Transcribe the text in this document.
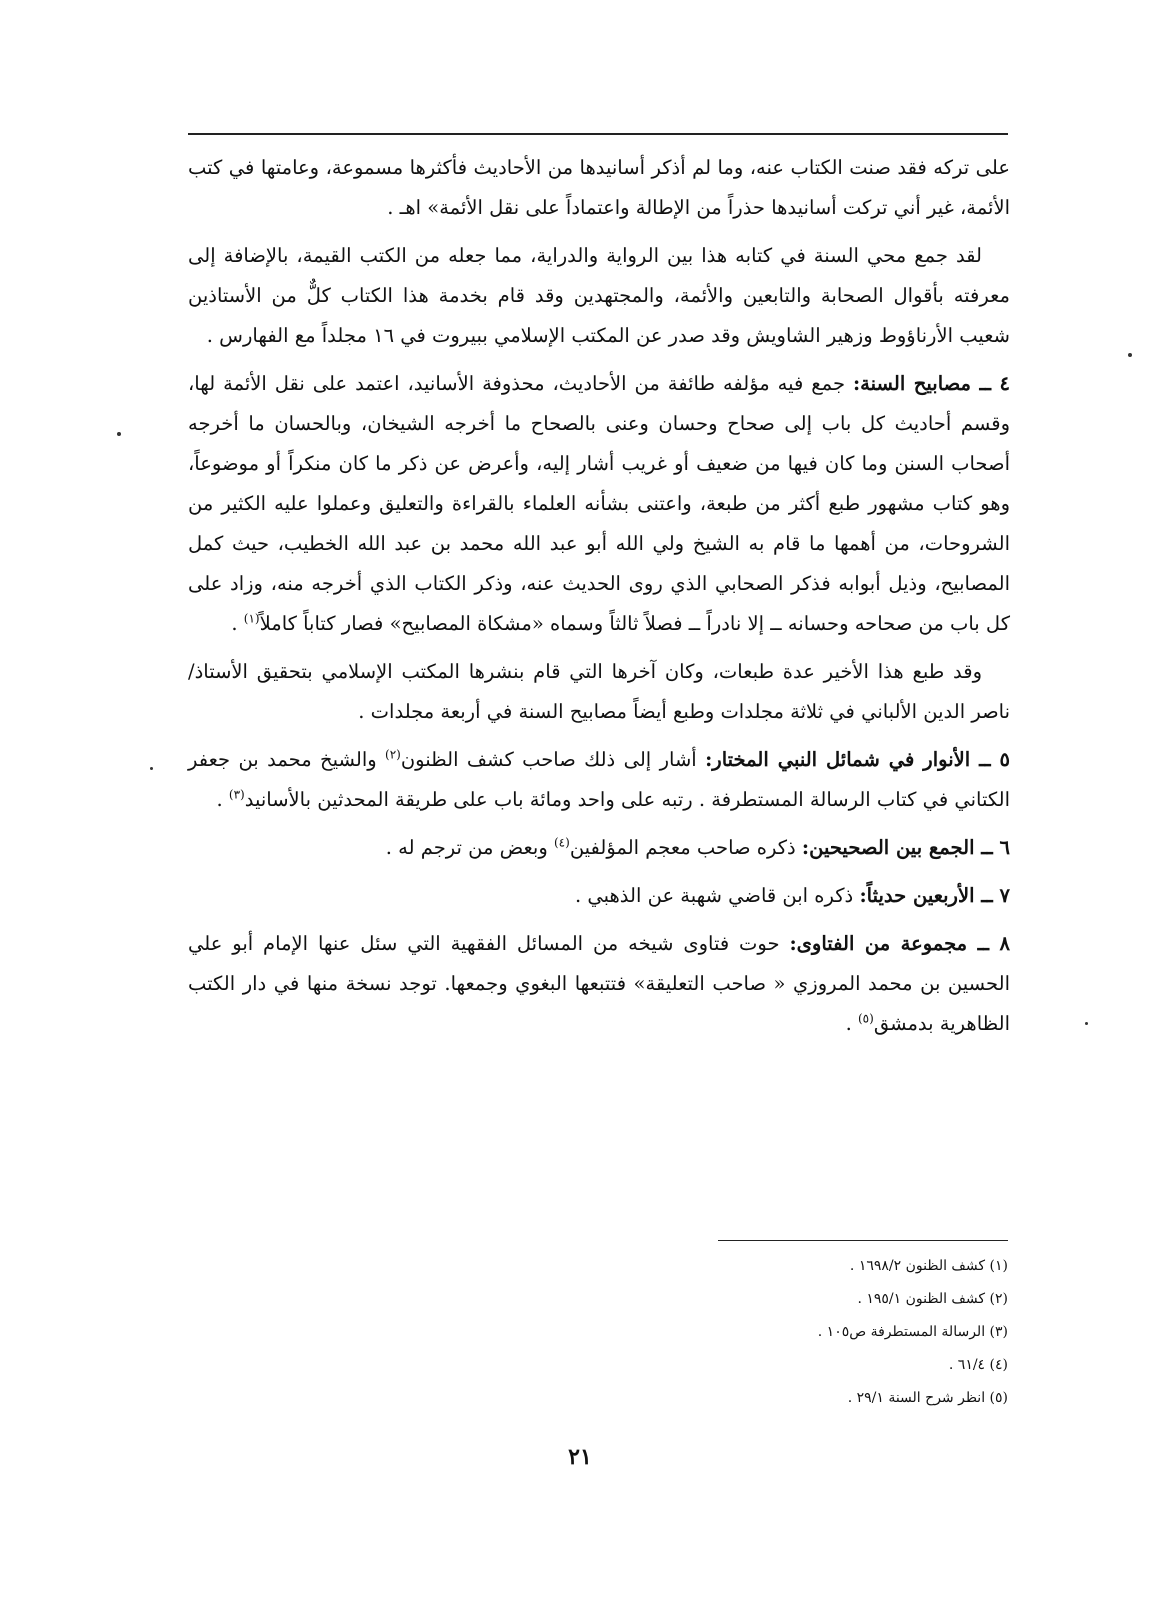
على تركه فقد صنت الكتاب عنه، وما لم أذكر أسانيدها من الأحاديث فأكثرها مسموعة، وعامتها في كتب الأئمة، غير أني تركت أسانيدها حذراً من الإطالة واعتماداً على نقل الأئمة» اهـ .

لقد جمع محي السنة في كتابه هذا بين الرواية والدراية، مما جعله من الكتب القيمة، بالإضافة إلى معرفته بأقوال الصحابة والتابعين والأئمة، والمجتهدين وقد قام بخدمة هذا الكتاب كلٌّ من الأستاذين شعيب الأرناؤوط وزهير الشاويش وقد صدر عن المكتب الإسلامي ببيروت في ١٦ مجلداً مع الفهارس .

٤ ــ مصابيح السنة: جمع فيه مؤلفه طائفة من الأحاديث، محذوفة الأسانيد، اعتمد على نقل الأئمة لها، وقسم أحاديث كل باب إلى صحاح وحسان وعنى بالصحاح ما أخرجه الشيخان، وبالحسان ما أخرجه أصحاب السنن وما كان فيها من ضعيف أو غريب أشار إليه، وأعرض عن ذكر ما كان منكراً أو موضوعاً، وهو كتاب مشهور طبع أكثر من طبعة، واعتنى بشأنه العلماء بالقراءة والتعليق وعملوا عليه الكثير من الشروحات، من أهمها ما قام به الشيخ ولي الله أبو عبد الله محمد بن عبد الله الخطيب، حيث كمل المصابيح، وذيل أبوابه فذكر الصحابي الذي روى الحديث عنه، وذكر الكتاب الذي أخرجه منه، وزاد على كل باب من صحاحه وحسانه ــ إلا نادراً ــ فصلاً ثالثاً وسماه «مشكاة المصابيح» فصار كتاباً كاملاً$^{(١)}$ .

وقد طبع هذا الأخير عدة طبعات، وكان آخرها التي قام بنشرها المكتب الإسلامي بتحقيق الأستاذ/ ناصر الدين الألباني في ثلاثة مجلدات وطبع أيضاً مصابيح السنة في أربعة مجلدات .

٥ ــ الأنوار في شمائل النبي المختار: أشار إلى ذلك صاحب كشف الظنون$^{(٢)}$ والشيخ محمد بن جعفر الكتاني في كتاب الرسالة المستطرفة . رتبه على واحد ومائة باب على طريقة المحدثين بالأسانيد$^{(٣)}$ .

٦ ــ الجمع بين الصحيحين: ذكره صاحب معجم المؤلفين$^{(٤)}$ وبعض من ترجم له .

٧ ــ الأربعين حديثاً: ذكره ابن قاضي شهبة عن الذهبي .

٨ ــ مجموعة من الفتاوى: حوت فتاوى شيخه من المسائل الفقهية التي سئل عنها الإمام أبو علي الحسين بن محمد المروزي « صاحب التعليقة» فتتبعها البغوي وجمعها. توجد نسخة منها في دار الكتب الظاهرية بدمشق$^{(٥)}$ .

(١) كشف الظنون ١٦٩٨/٢ .
(٢) كشف الظنون ١٩٥/١ .
(٣) الرسالة المستطرفة ص١٠٥ .
(٤) ٦١/٤ .
(٥) انظر شرح السنة ٢٩/١ .
٢١
